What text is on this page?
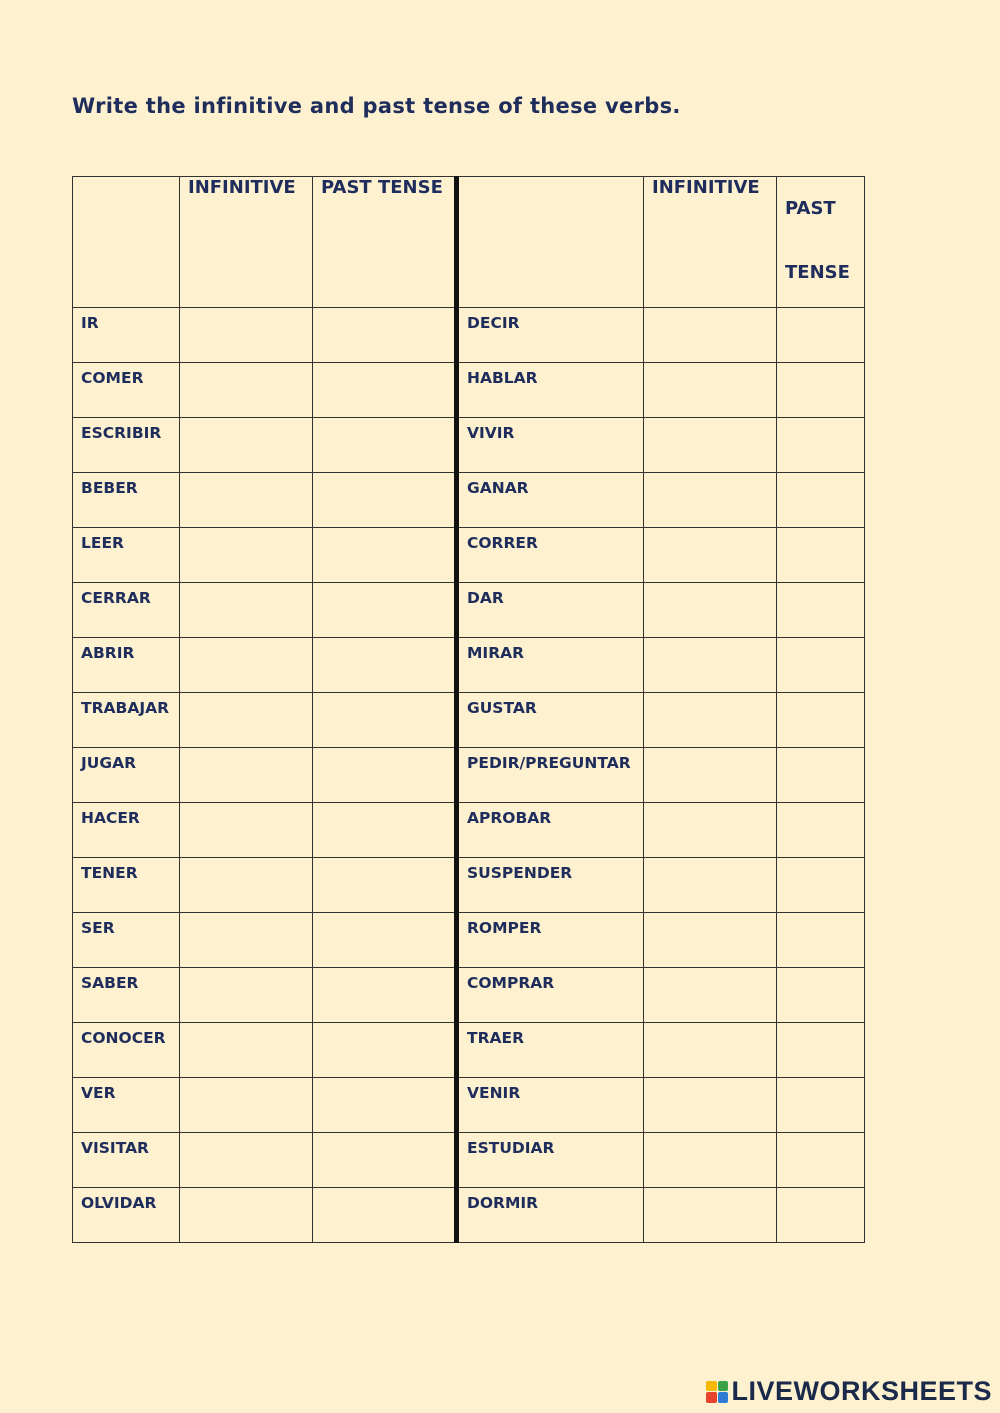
Write the infinitive and past tense of these verbs.
	INFINITIVE	PAST TENSE		INFINITIVE	PAST
TENSE
IR			DECIR		
COMER			HABLAR		
ESCRIBIR			VIVIR		
BEBER			GANAR		
LEER			CORRER		
CERRAR			DAR		
ABRIR			MIRAR		
TRABAJAR			GUSTAR		
JUGAR			PEDIR/PREGUNTAR		
HACER			APROBAR		
TENER			SUSPENDER		
SER			ROMPER		
SABER			COMPRAR		
CONOCER			TRAER		
VER			VENIR		
VISITAR			ESTUDIAR		
OLVIDAR			DORMIR		
LIVEWORKSHEETS
